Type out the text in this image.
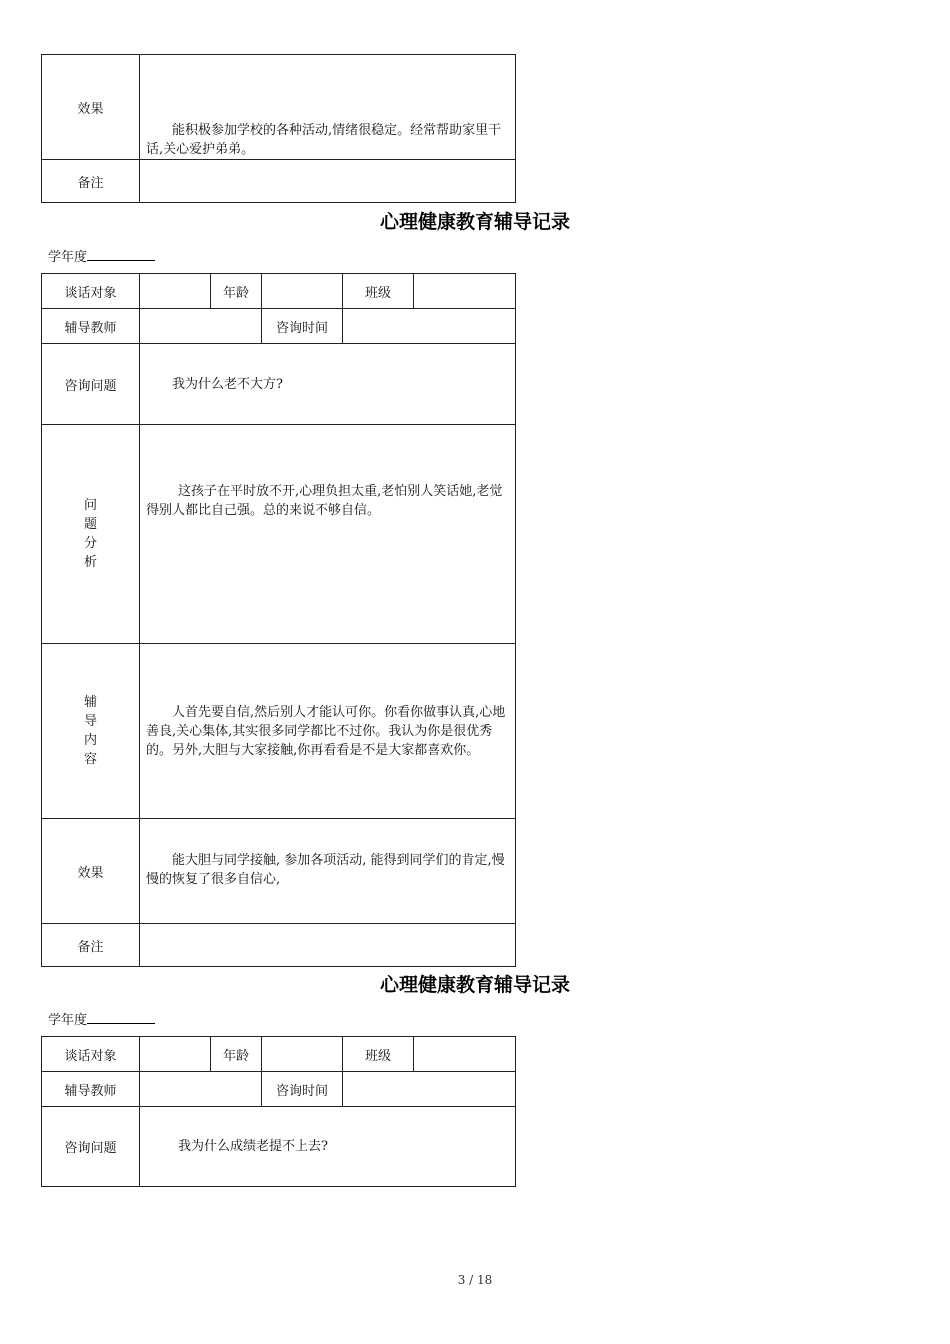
效果	能积极参加学校的各种活动,情绪很稳定。经常帮助家里干话,关心爱护弟弟。

备注	
心理健康教育辅导记录
学年度
谈话对象		年龄		班级	
辅导教师			咨询时间		
咨询问题	我为什么老不大方?				

问
题
分
析	这孩子在平时放不开,心理负担太重,老怕别人笑话她,老觉得别人都比自己强。总的来说不够自信。				

辅
导
内
容	人首先要自信,然后别人才能认可你。你看你做事认真,心地善良,关心集体,其实很多同学都比不过你。我认为你是很优秀的。另外,大胆与大家接触,你再看看是不是大家都喜欢你。				

效果	能大胆与同学接触, 参加各项活动, 能得到同学们的肯定,慢慢的恢复了很多自信心,				

备注					
心理健康教育辅导记录
学年度
谈话对象		年龄		班级	
辅导教师			咨询时间		
咨询问题	我为什么成绩老提不上去?				
3 / 18
